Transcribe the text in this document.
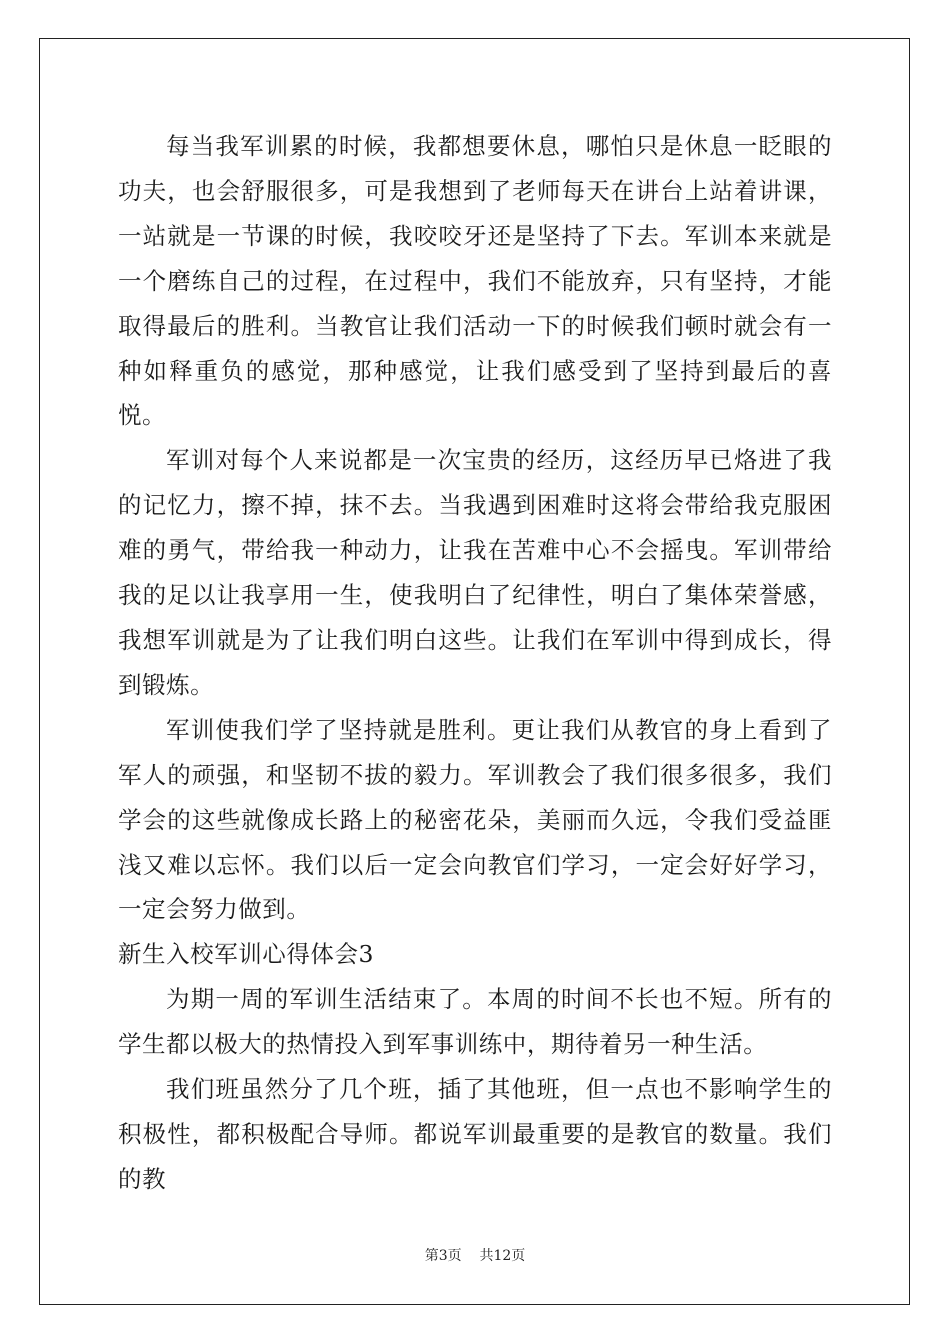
每当我军训累的时候，我都想要休息，哪怕只是休息一眨眼的功夫，也会舒服很多，可是我想到了老师每天在讲台上站着讲课，一站就是一节课的时候，我咬咬牙还是坚持了下去。军训本来就是一个磨练自己的过程，在过程中，我们不能放弃，只有坚持，才能取得最后的胜利。当教官让我们活动一下的时候我们顿时就会有一种如释重负的感觉，那种感觉，让我们感受到了坚持到最后的喜悦。

军训对每个人来说都是一次宝贵的经历，这经历早已烙进了我的记忆力，擦不掉，抹不去。当我遇到困难时这将会带给我克服困难的勇气，带给我一种动力，让我在苦难中心不会摇曳。军训带给我的足以让我享用一生，使我明白了纪律性，明白了集体荣誉感，我想军训就是为了让我们明白这些。让我们在军训中得到成长，得到锻炼。

军训使我们学了坚持就是胜利。更让我们从教官的身上看到了军人的顽强，和坚韧不拔的毅力。军训教会了我们很多很多，我们学会的这些就像成长路上的秘密花朵，美丽而久远，令我们受益匪浅又难以忘怀。我们以后一定会向教官们学习，一定会好好学习，一定会努力做到。

新生入校军训心得体会3

为期一周的军训生活结束了。本周的时间不长也不短。所有的学生都以极大的热情投入到军事训练中，期待着另一种生活。

我们班虽然分了几个班，插了其他班，但一点也不影响学生的积极性，都积极配合导师。都说军训最重要的是教官的数量。我们的教

第3页 共12页
